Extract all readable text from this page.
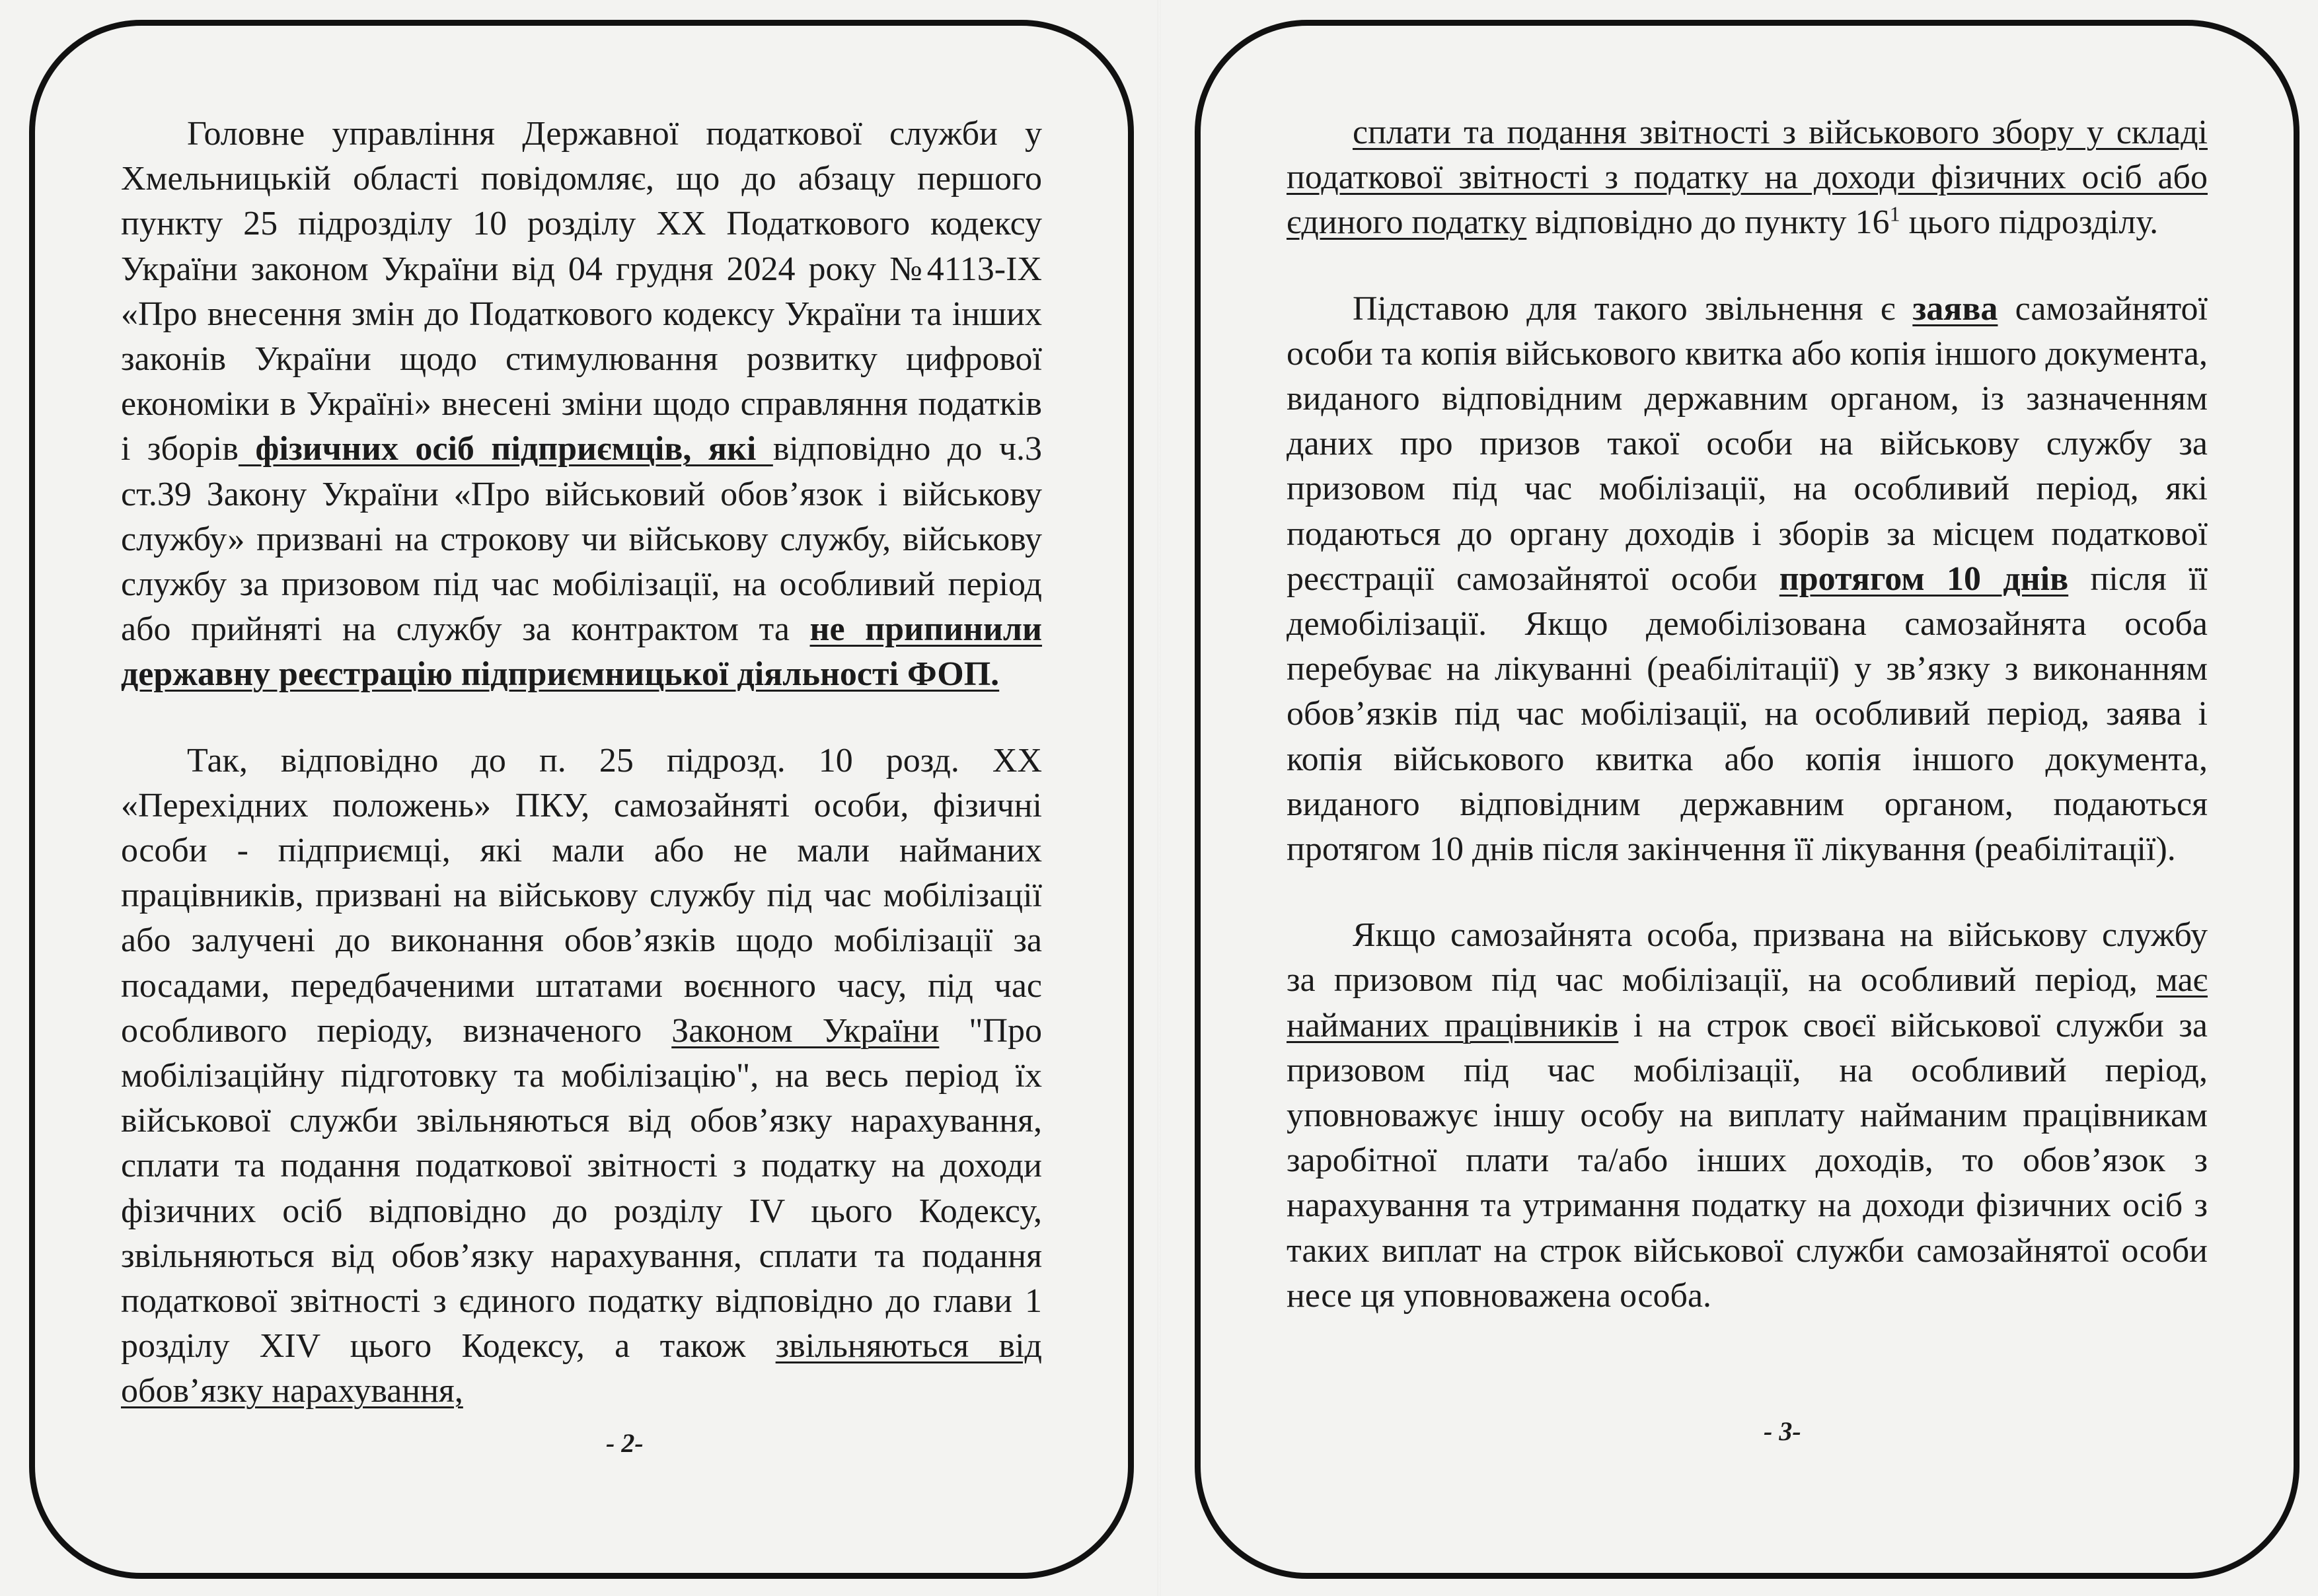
Головне управління Державної податкової служби у Хмельницькій області повідомляє, що до абзацу першого пункту 25 підрозділу 10 розділу XX Податкового кодексу України законом України від 04 грудня 2024 року №4113-IX «Про внесення змін до Податкового кодексу України та інших законів України щодо стимулювання розвитку цифрової економіки в Україні» внесені зміни щодо справляння податків і зборів фізичних осіб підприємців, які відповідно до ч.3 ст.39 Закону України «Про військовий обов’язок і військову службу» призвані на строкову чи військову службу, військову службу за призовом під час мобілізації, на особливий період або прийняті на службу за контрактом та не припинили державну реєстрацію підприємницької діяльності ФОП.

Так, відповідно до п. 25 підрозд. 10 розд. XX «Перехідних положень» ПКУ, самозайняті особи, фізичні особи - підприємці, які мали або не мали найманих працівників, призвані на військову службу під час мобілізації або залучені до виконання обов’язків щодо мобілізації за посадами, передбаченими штатами воєнного часу, під час особливого періоду, визначеного Законом України "Про мобілізаційну підготовку та мобілізацію", на весь період їх військової служби звільняються від обов’язку нарахування, сплати та подання податкової звітності з податку на доходи фізичних осіб відповідно до розділу IV цього Кодексу, звільняються від обов’язку нарахування, сплати та подання податкової звітності з єдиного податку відповідно до глави 1 розділу XIV цього Кодексу, а також звільняються від обов’язку нарахування,

- 2-

сплати та подання звітності з військового збору у складі податкової звітності з податку на доходи фізичних осіб або єдиного податку відповідно до пункту $16^1$ цього підрозділу.

Підставою для такого звільнення є заява самозайнятої особи та копія військового квитка або копія іншого документа, виданого відповідним державним органом, із зазначенням даних про призов такої особи на військову службу за призовом під час мобілізації, на особливий період, які подаються до органу доходів і зборів за місцем податкової реєстрації самозайнятої особи протягом 10 днів після її демобілізації. Якщо демобілізована самозайнята особа перебуває на лікуванні (реабілітації) у зв’язку з виконанням обов’язків під час мобілізації, на особливий період, заява і копія військового квитка або копія іншого документа, виданого відповідним державним органом, подаються протягом 10 днів після закінчення її лікування (реабілітації).

Якщо самозайнята особа, призвана на військову службу за призовом під час мобілізації, на особливий період, має найманих працівників і на строк своєї військової служби за призовом під час мобілізації, на особливий період, уповноважує іншу особу на виплату найманим працівникам заробітної плати та/або інших доходів, то обов’язок з нарахування та утримання податку на доходи фізичних осіб з таких виплат на строк військової служби самозайнятої особи несе ця уповноважена особа.

- 3-
